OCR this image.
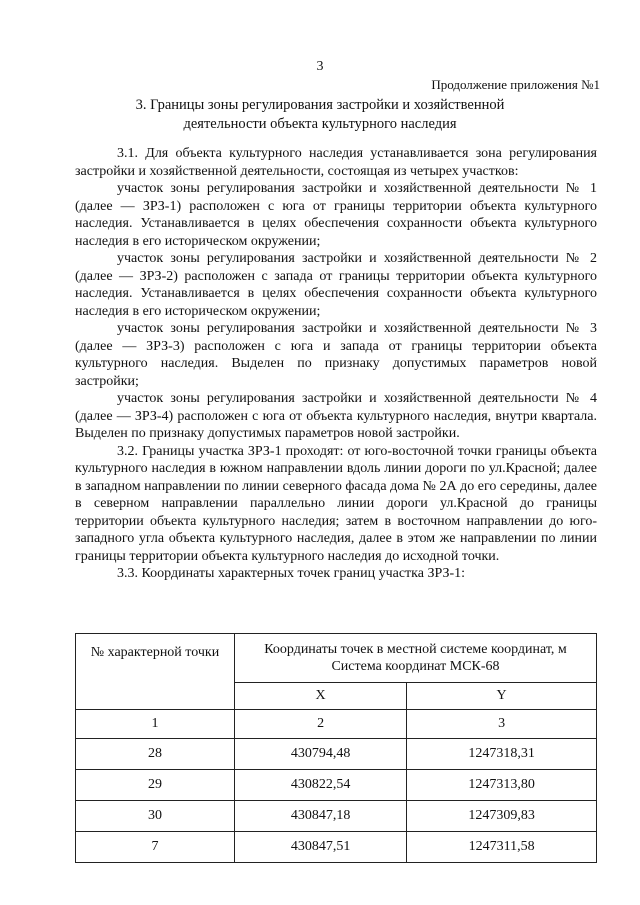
3
Продолжение приложения №1
3. Границы зоны регулирования застройки и хозяйственной
деятельности объекта культурного наследия

3.1. Для объекта культурного наследия устанавливается зона регулирования застройки и хозяйственной деятельности, состоящая из четырех участков:

участок зоны регулирования застройки и хозяйственной деятельности № 1 (далее — ЗРЗ-1) расположен с юга от границы территории объекта культурного наследия. Устанавливается в целях обеспечения сохранности объекта культурного наследия в его историческом окружении;

участок зоны регулирования застройки и хозяйственной деятельности № 2 (далее — ЗРЗ-2) расположен с запада от границы территории объекта культурного наследия. Устанавливается в целях обеспечения сохранности объекта культурного наследия в его историческом окружении;

участок зоны регулирования застройки и хозяйственной деятельности № 3 (далее — ЗРЗ-3) расположен с юга и запада от границы территории объекта культурного наследия. Выделен по признаку допустимых параметров новой застройки;

участок зоны регулирования застройки и хозяйственной деятельности № 4 (далее — ЗРЗ-4) расположен с юга от объекта культурного наследия, внутри квартала. Выделен по признаку допустимых параметров новой застройки.

3.2. Границы участка ЗРЗ-1 проходят: от юго-восточной точки границы объекта культурного наследия в южном направлении вдоль линии дороги по ул.Красной; далее в западном направлении по линии северного фасада дома № 2А до его середины, далее в северном направлении параллельно линии дороги ул.Красной до границы территории объекта культурного наследия; затем в восточном направлении до юго-западного угла объекта культурного наследия, далее в этом же направлении по линии границы территории объекта культурного наследия до исходной точки.

3.3. Координаты характерных точек границ участка ЗРЗ-1:

№ характерной точки	Координаты точек в местной системе координат, м
Система координат МСК-68	

	X	Y
1	2	3
28	430794,48	1247318,31
29	430822,54	1247313,80
30	430847,18	1247309,83
7	430847,51	1247311,58
